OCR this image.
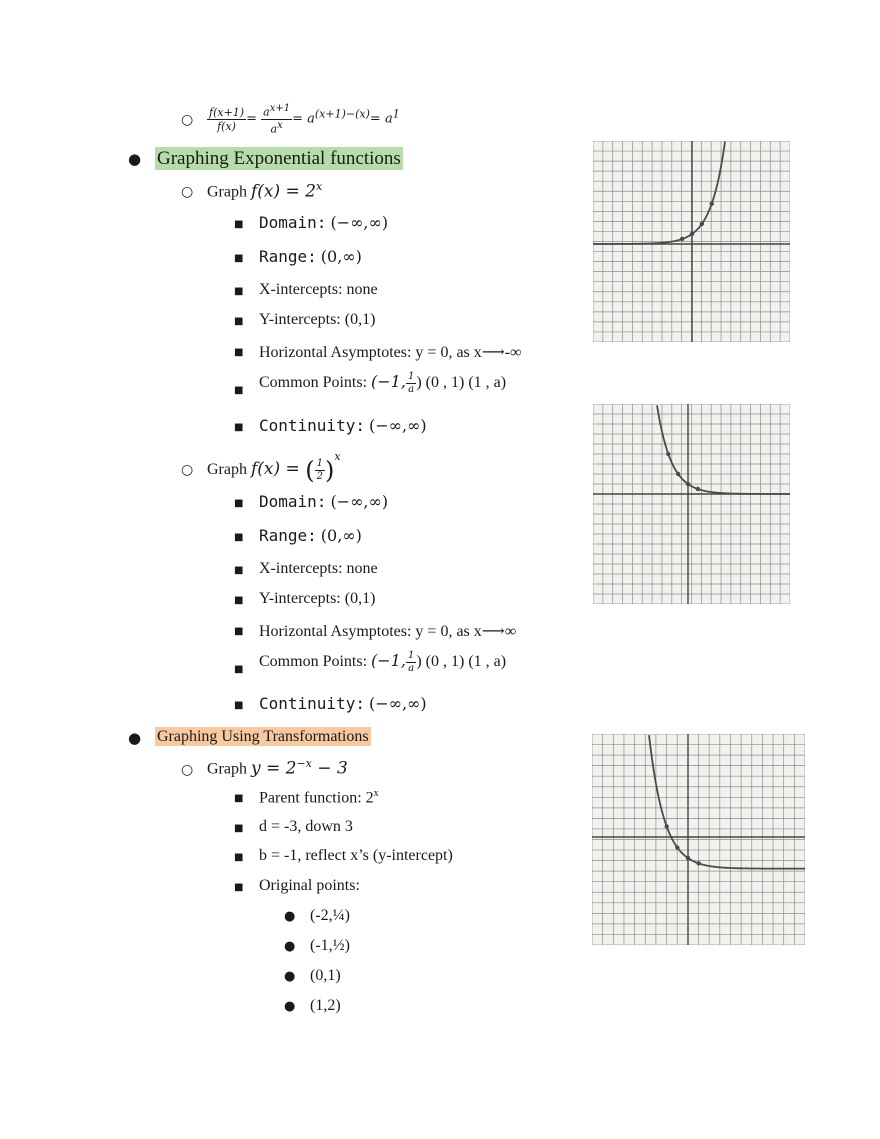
○ $\frac{f(x+1)}{f(x)} = \frac{a^{x+1}}{a^x} = a^{(x+1)-(x)}= a^1$
● Graphing Exponential functions
○ Graph $f(x) = 2^x$
■ Domain: (−∞,∞)
■ Range: (0,∞)
■ X-intercepts: none
■ Y-intercepts: (0,1)
■ Horizontal Asymptotes: y = 0, as x⟶-∞
■ Common Points: (−1, $\frac{1}{a}$ ) (0 , 1) (1 , a)
■ Continuity: (−∞,∞)
○ Graph f(x) = ( $\frac{1}{2} )^x$
■ Domain: (−∞,∞)
■ Range: (0,∞)
■ X-intercepts: none
■ Y-intercepts: (0,1)
■ Horizontal Asymptotes: y = 0, as x⟶∞
■ Common Points: (−1, $\frac{1}{a}$ ) (0 , 1) (1 , a)
■ Continuity: (−∞,∞)
● Graphing Using Transformations
○ Graph $y = 2^{-x} - 3$
■ Parent function: 2$^x$
■ d = -3, down 3
■ b = -1, reflect x’s (y-intercept)
■ Original points:
● (-2,¼)
● (-1,½)
● (0,1)
● (1,2)
